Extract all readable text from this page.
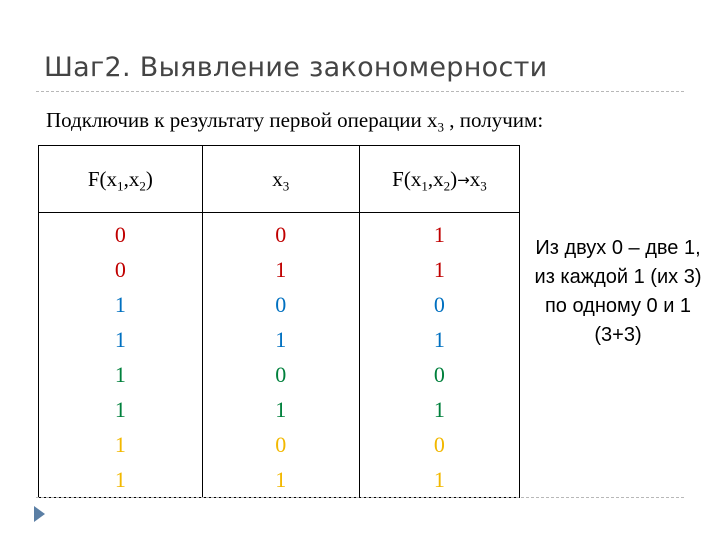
Шаг2. Выявление закономерности
Подключив к результату первой операции $x_3$ , получим:
$F(x_1,x_2)$	$x_3$	$F(x_1,x_2)\to x_3$
0	0	1
0	1	1
1	0	0
1	1	1
1	0	0
1	1	1
1	0	0
1	1	1
Из двух 0 – две 1, из каждой 1 (их 3) по одному 0 и 1 (3+3)
